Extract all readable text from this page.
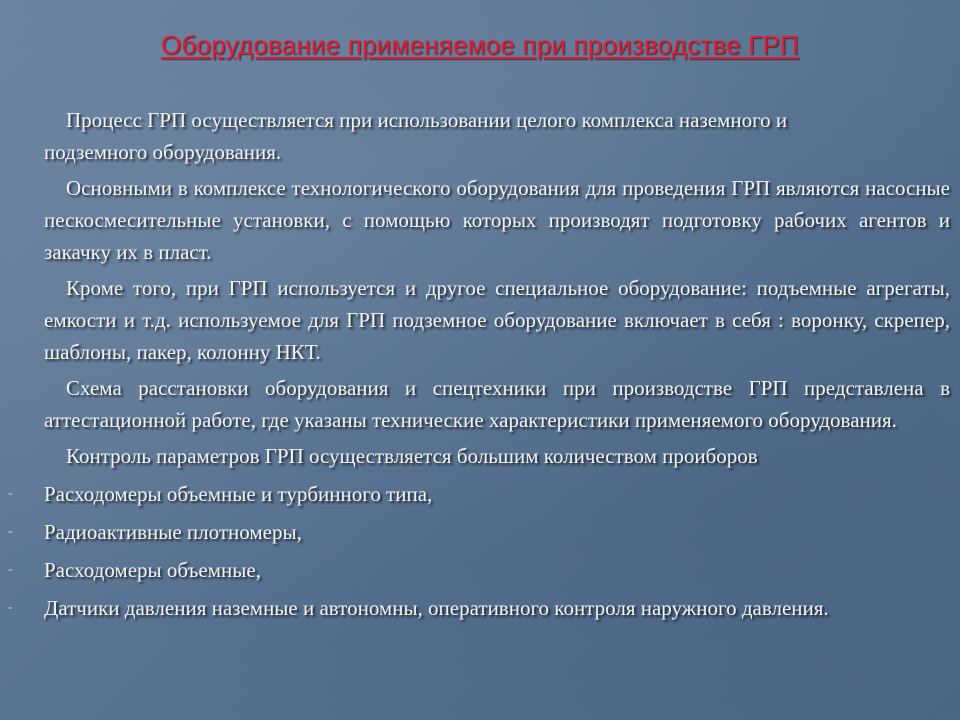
Оборудование применяемое при производстве ГРП

Процесс ГРП осуществляется при использовании целого комплекса наземного и подземного оборудования.

Основными в комплексе технологического оборудования для проведения ГРП являются насосные пескосмесительные установки, с помощью которых производят подготовку рабочих агентов и закачку их в пласт.

Кроме того, при ГРП используется и другое специальное оборудование: подъемные агрегаты, емкости и т.д. используемое для ГРП подземное оборудование включает в себя : воронку, скрепер, шаблоны, пакер, колонну НКТ.

Схема расстановки оборудования и спецтехники при производстве ГРП представлена в аттестационной работе, где указаны технические характеристики применяемого оборудования.

Контроль параметров ГРП осуществляется большим количеством проиборов

- Расходомеры объемные и турбинного типа,
- Радиоактивные плотномеры,
- Расходомеры объемные,
- Датчики давления наземные и автономны, оперативного контроля наружного давления.
